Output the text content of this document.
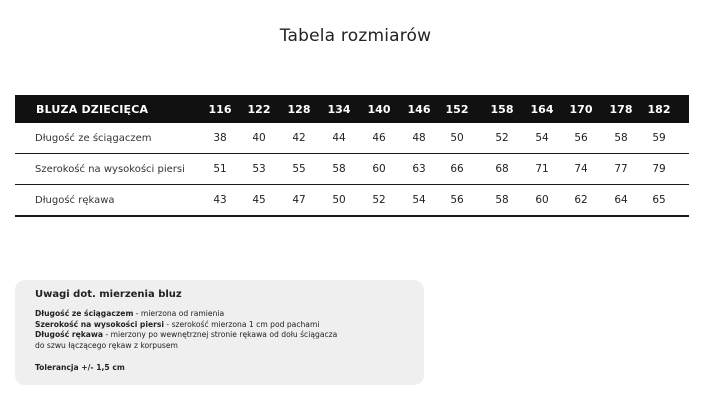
Tabela rozmiarów
BLUZA DZIECIĘCA	116	122	128	134	140	146	152	158	164	170	178	182
Długość ze ściągaczem	38	40	42	44	46	48	50	52	54	56	58	59
Szerokość na wysokości piersi	51	53	55	58	60	63	66	68	71	74	77	79
Długość rękawa	43	45	47	50	52	54	56	58	60	62	64	65
Uwagi dot. mierzenia bluz
Długość ze ściągaczem - mierzona od ramienia
Szerokość na wysokości piersi - szerokość mierzona 1 cm pod pachami
Długość rękawa - mierzony po wewnętrznej stronie rękawa od dołu ściągacza
do szwu łączącego rękaw z korpusem
Tolerancja +/- 1,5 cm
